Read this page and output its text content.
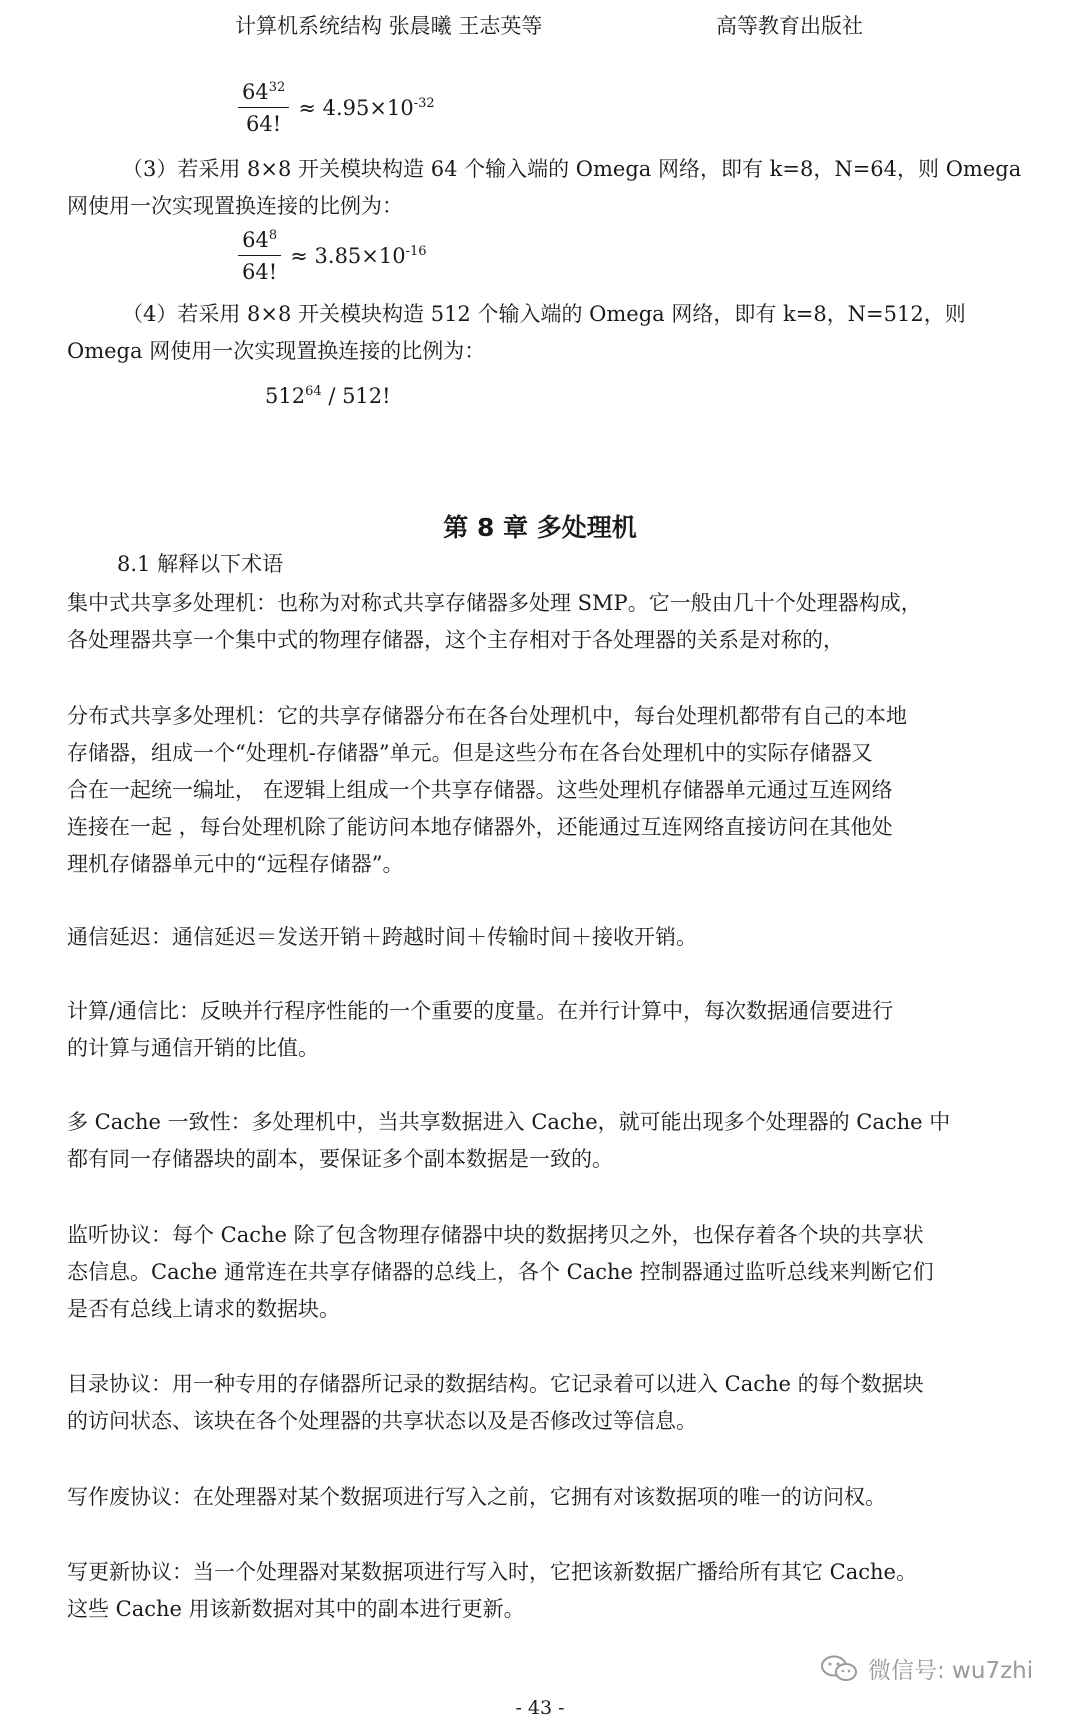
计算机系统结构 张晨曦 王志英等	高等教育出版社
$\frac{64^{32}}{64!} \approx 4.95\times 10^{-32}$
（3）若采用 8×8 开关模块构造 64 个输入端的 Omega 网络，即有 k=8，N=64，则 Omega
网使用一次实现置换连接的比例为：
$\frac{64^8}{64!} \approx 3.85\times 10^{-16}$
（4）若采用 8×8 开关模块构造 512 个输入端的 Omega 网络，即有 k=8，N=512，则
Omega 网使用一次实现置换连接的比例为：
$512^{64} / 512$!
第 8 章 多处理机
8.1 解释以下术语
集中式共享多处理机：也称为对称式共享存储器多处理 SMP。它一般由几十个处理器构成，
各处理器共享一个集中式的物理存储器，这个主存相对于各处理器的关系是对称的，
分布式共享多处理机：它的共享存储器分布在各台处理机中，每台处理机都带有自己的本地
存储器，组成一个“处理机-存储器”单元。但是这些分布在各台处理机中的实际存储器又
合在一起统一编址， 在逻辑上组成一个共享存储器。这些处理机存储器单元通过互连网络
连接在一起 ，每台处理机除了能访问本地存储器外，还能通过互连网络直接访问在其他处
理机存储器单元中的“远程存储器”。
通信延迟：通信延迟＝发送开销＋跨越时间＋传输时间＋接收开销。
计算/通信比：反映并行程序性能的一个重要的度量。在并行计算中，每次数据通信要进行
的计算与通信开销的比值。
多 Cache 一致性：多处理机中，当共享数据进入 Cache，就可能出现多个处理器的 Cache 中
都有同一存储器块的副本，要保证多个副本数据是一致的。
监听协议：每个 Cache 除了包含物理存储器中块的数据拷贝之外，也保存着各个块的共享状
态信息。Cache 通常连在共享存储器的总线上，各个 Cache 控制器通过监听总线来判断它们
是否有总线上请求的数据块。
目录协议：用一种专用的存储器所记录的数据结构。它记录着可以进入 Cache 的每个数据块
的访问状态、该块在各个处理器的共享状态以及是否修改过等信息。
写作废协议：在处理器对某个数据项进行写入之前，它拥有对该数据项的唯一的访问权。
写更新协议：当一个处理器对某数据项进行写入时，它把该新数据广播给所有其它 Cache。
这些 Cache 用该新数据对其中的副本进行更新。
微信号: wu7zhi
- 43 -
